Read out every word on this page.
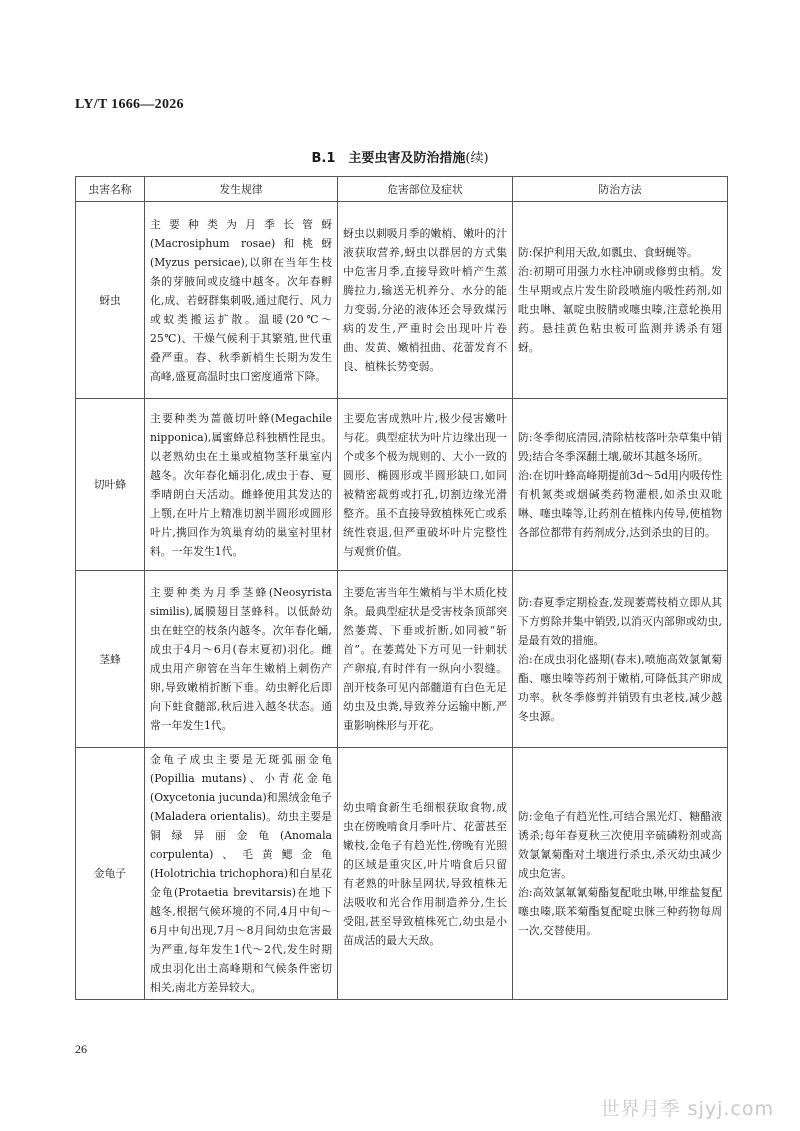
LY/T 1666—2026
B.1　主要虫害及防治措施(续)
虫害名称	发生规律	危害部位及症状	防治方法
蚜虫	主要种类为月季长管蚜(Macrosiphum rosae)和桃蚜(Myzus persicae),以卵在当年生枝条的芽腋间或皮缝中越冬。次年春孵化,成、若蚜群集刺吸,通过爬行、风力或蚁类搬运扩散。温暖(20℃～25℃)、干燥气候利于其繁殖,世代重叠严重。春、秋季新梢生长期为发生高峰,盛夏高温时虫口密度通常下降。	蚜虫以刺吸月季的嫩梢、嫩叶的汁液获取营养,蚜虫以群居的方式集中危害月季,直接导致叶梢产生蒸腾拉力,输送无机养分、水分的能力变弱,分泌的液体还会导致煤污病的发生,严重时会出现叶片卷曲、发黄、嫩梢扭曲、花蕾发育不良、植株长势变弱。	防:保护利用天敌,如瓢虫、食蚜蝇等。

治:初期可用强力水柱冲刷或修剪虫梢。发生早期或点片发生阶段喷施内吸性药剂,如吡虫啉、氟啶虫胺腈或噻虫嗪,注意轮换用药。悬挂黄色粘虫板可监测并诱杀有翅蚜。

切叶蜂	主要种类为蔷薇切叶蜂(Megachile nipponica),属蜜蜂总科独栖性昆虫。以老熟幼虫在土巢或植物茎秆巢室内越冬。次年春化蛹羽化,成虫于春、夏季晴朗白天活动。雌蜂使用其发达的上颚,在叶片上精准切割半圆形或圆形叶片,携回作为筑巢育幼的巢室衬里材料。一年发生1代。	主要危害成熟叶片,极少侵害嫩叶与花。典型症状为叶片边缘出现一个或多个极为规则的、大小一致的圆形、椭圆形或半圆形缺口,如同被精密裁剪或打孔,切割边缘光滑整齐。虽不直接导致植株死亡或系统性衰退,但严重破坏叶片完整性与观赏价值。	防:冬季彻底清园,清除枯枝落叶杂草集中销毁;结合冬季深翻土壤,破坏其越冬场所。

治:在切叶蜂高峰期提前3d～5d用内吸传性有机氮类或烟碱类药物灌根,如杀虫双吡啉、噻虫嗪等,让药剂在植株内传导,使植物各部位都带有药剂成分,达到杀虫的目的。

茎蜂	主要种类为月季茎蜂(Neosyrista similis),属膜翅目茎蜂科。以低龄幼虫在蛀空的枝条内越冬。次年春化蛹,成虫于4月～6月(春末夏初)羽化。雌成虫用产卵管在当年生嫩梢上刺伤产卵,导致嫩梢折断下垂。幼虫孵化后即向下蛀食髓部,秋后进入越冬状态。通常一年发生1代。	主要危害当年生嫩梢与半木质化枝条。最典型症状是受害枝条顶部突然萎蔫、下垂或折断,如同被“斩首”。在萎蔫处下方可见一针刺状产卵痕,有时伴有一纵向小裂缝。剖开枝条可见内部髓道有白色无足幼虫及虫粪,导致养分运输中断,严重影响株形与开花。	防:春夏季定期检查,发现萎蔫枝梢立即从其下方剪除并集中销毁,以消灭内部卵或幼虫,是最有效的措施。

治:在成虫羽化盛期(春末),喷施高效氯氰菊酯、噻虫嗪等药剂于嫩梢,可降低其产卵成功率。秋冬季修剪并销毁有虫老枝,减少越冬虫源。

金龟子	金龟子成虫主要是无斑弧丽金龟(Popillia mutans)、小青花金龟(Oxycetonia jucunda)和黑绒金龟子(Maladera orientalis)。幼虫主要是铜绿异丽金龟(Anomala corpulenta)、毛黄鳃金龟(Holotrichia trichophora)和白星花金龟(Protaetia brevitarsis)在地下越冬,根据气候环境的不同,4月中旬～6月中旬出现,7月～8月间幼虫危害最为严重,每年发生1代～2代,发生时期成虫羽化出土高峰期和气候条件密切相关,南北方差异较大。	幼虫啃食新生毛细根获取食物,成虫在傍晚啃食月季叶片、花蕾甚至嫩枝,金龟子有趋光性,傍晚有光照的区域是重灾区,叶片啃食后只留有老熟的叶脉呈网状,导致植株无法吸收和光合作用制造养分,生长受阻,甚至导致植株死亡,幼虫是小苗成活的最大天敌。	防:金龟子有趋光性,可结合黑光灯、糖醋液诱杀;每年春夏秋三次使用辛硫磷粉剂或高效氯氰菊酯对土壤进行杀虫,杀灭幼虫减少成虫危害。

治:高效氯氟氰菊酯复配吡虫啉,甲维盐复配噻虫嗪,联苯菊酯复配啶虫脒三种药物每周一次,交替使用。

26
世界月季 sjyj.com
